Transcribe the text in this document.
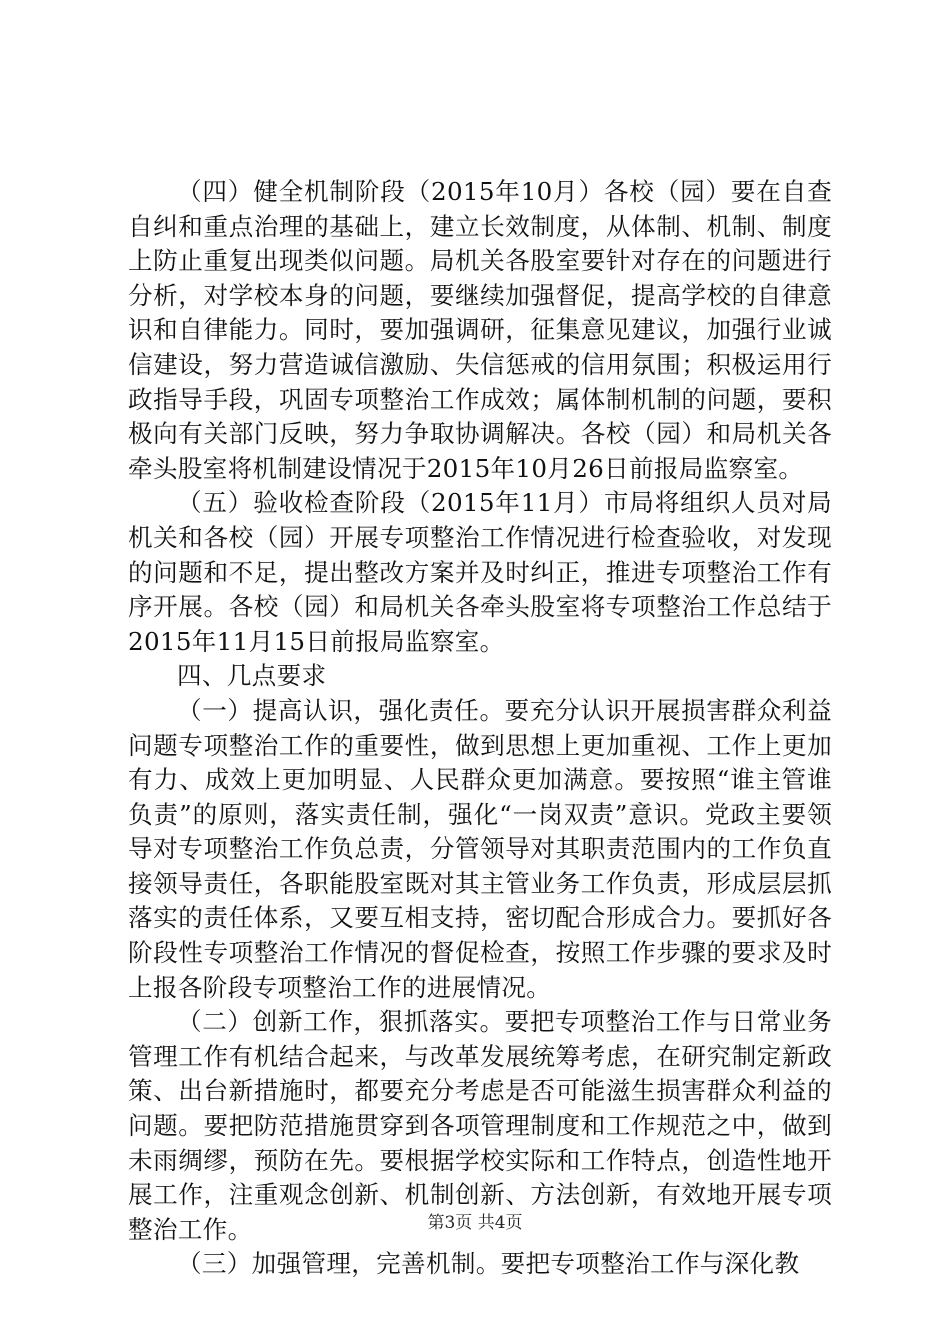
（四）健全机制阶段（2015年10月）各校（园）要在自查自纠和重点治理的基础上，建立长效制度，从体制、机制、制度上防止重复出现类似问题。局机关各股室要针对存在的问题进行分析，对学校本身的问题，要继续加强督促，提高学校的自律意识和自律能力。同时，要加强调研，征集意见建议，加强行业诚信建设，努力营造诚信激励、失信惩戒的信用氛围；积极运用行政指导手段，巩固专项整治工作成效；属体制机制的问题，要积极向有关部门反映，努力争取协调解决。各校（园）和局机关各牵头股室将机制建设情况于2015年10月26日前报局监察室。

（五）验收检查阶段（2015年11月）市局将组织人员对局机关和各校（园）开展专项整治工作情况进行检查验收，对发现的问题和不足，提出整改方案并及时纠正，推进专项整治工作有序开展。各校（园）和局机关各牵头股室将专项整治工作总结于2015年11月15日前报局监察室。

四、几点要求

（一）提高认识，强化责任。要充分认识开展损害群众利益问题专项整治工作的重要性，做到思想上更加重视、工作上更加有力、成效上更加明显、人民群众更加满意。要按照“谁主管谁负责”的原则，落实责任制，强化“一岗双责”意识。党政主要领导对专项整治工作负总责，分管领导对其职责范围内的工作负直接领导责任，各职能股室既对其主管业务工作负责，形成层层抓落实的责任体系，又要互相支持，密切配合形成合力。要抓好各阶段性专项整治工作情况的督促检查，按照工作步骤的要求及时上报各阶段专项整治工作的进展情况。

（二）创新工作，狠抓落实。要把专项整治工作与日常业务管理工作有机结合起来，与改革发展统筹考虑，在研究制定新政策、出台新措施时，都要充分考虑是否可能滋生损害群众利益的问题。要把防范措施贯穿到各项管理制度和工作规范之中，做到未雨绸缪，预防在先。要根据学校实际和工作特点，创造性地开展工作，注重观念创新、机制创新、方法创新，有效地开展专项整治工作。

（三）加强管理，完善机制。要把专项整治工作与深化教

第3页 共4页
